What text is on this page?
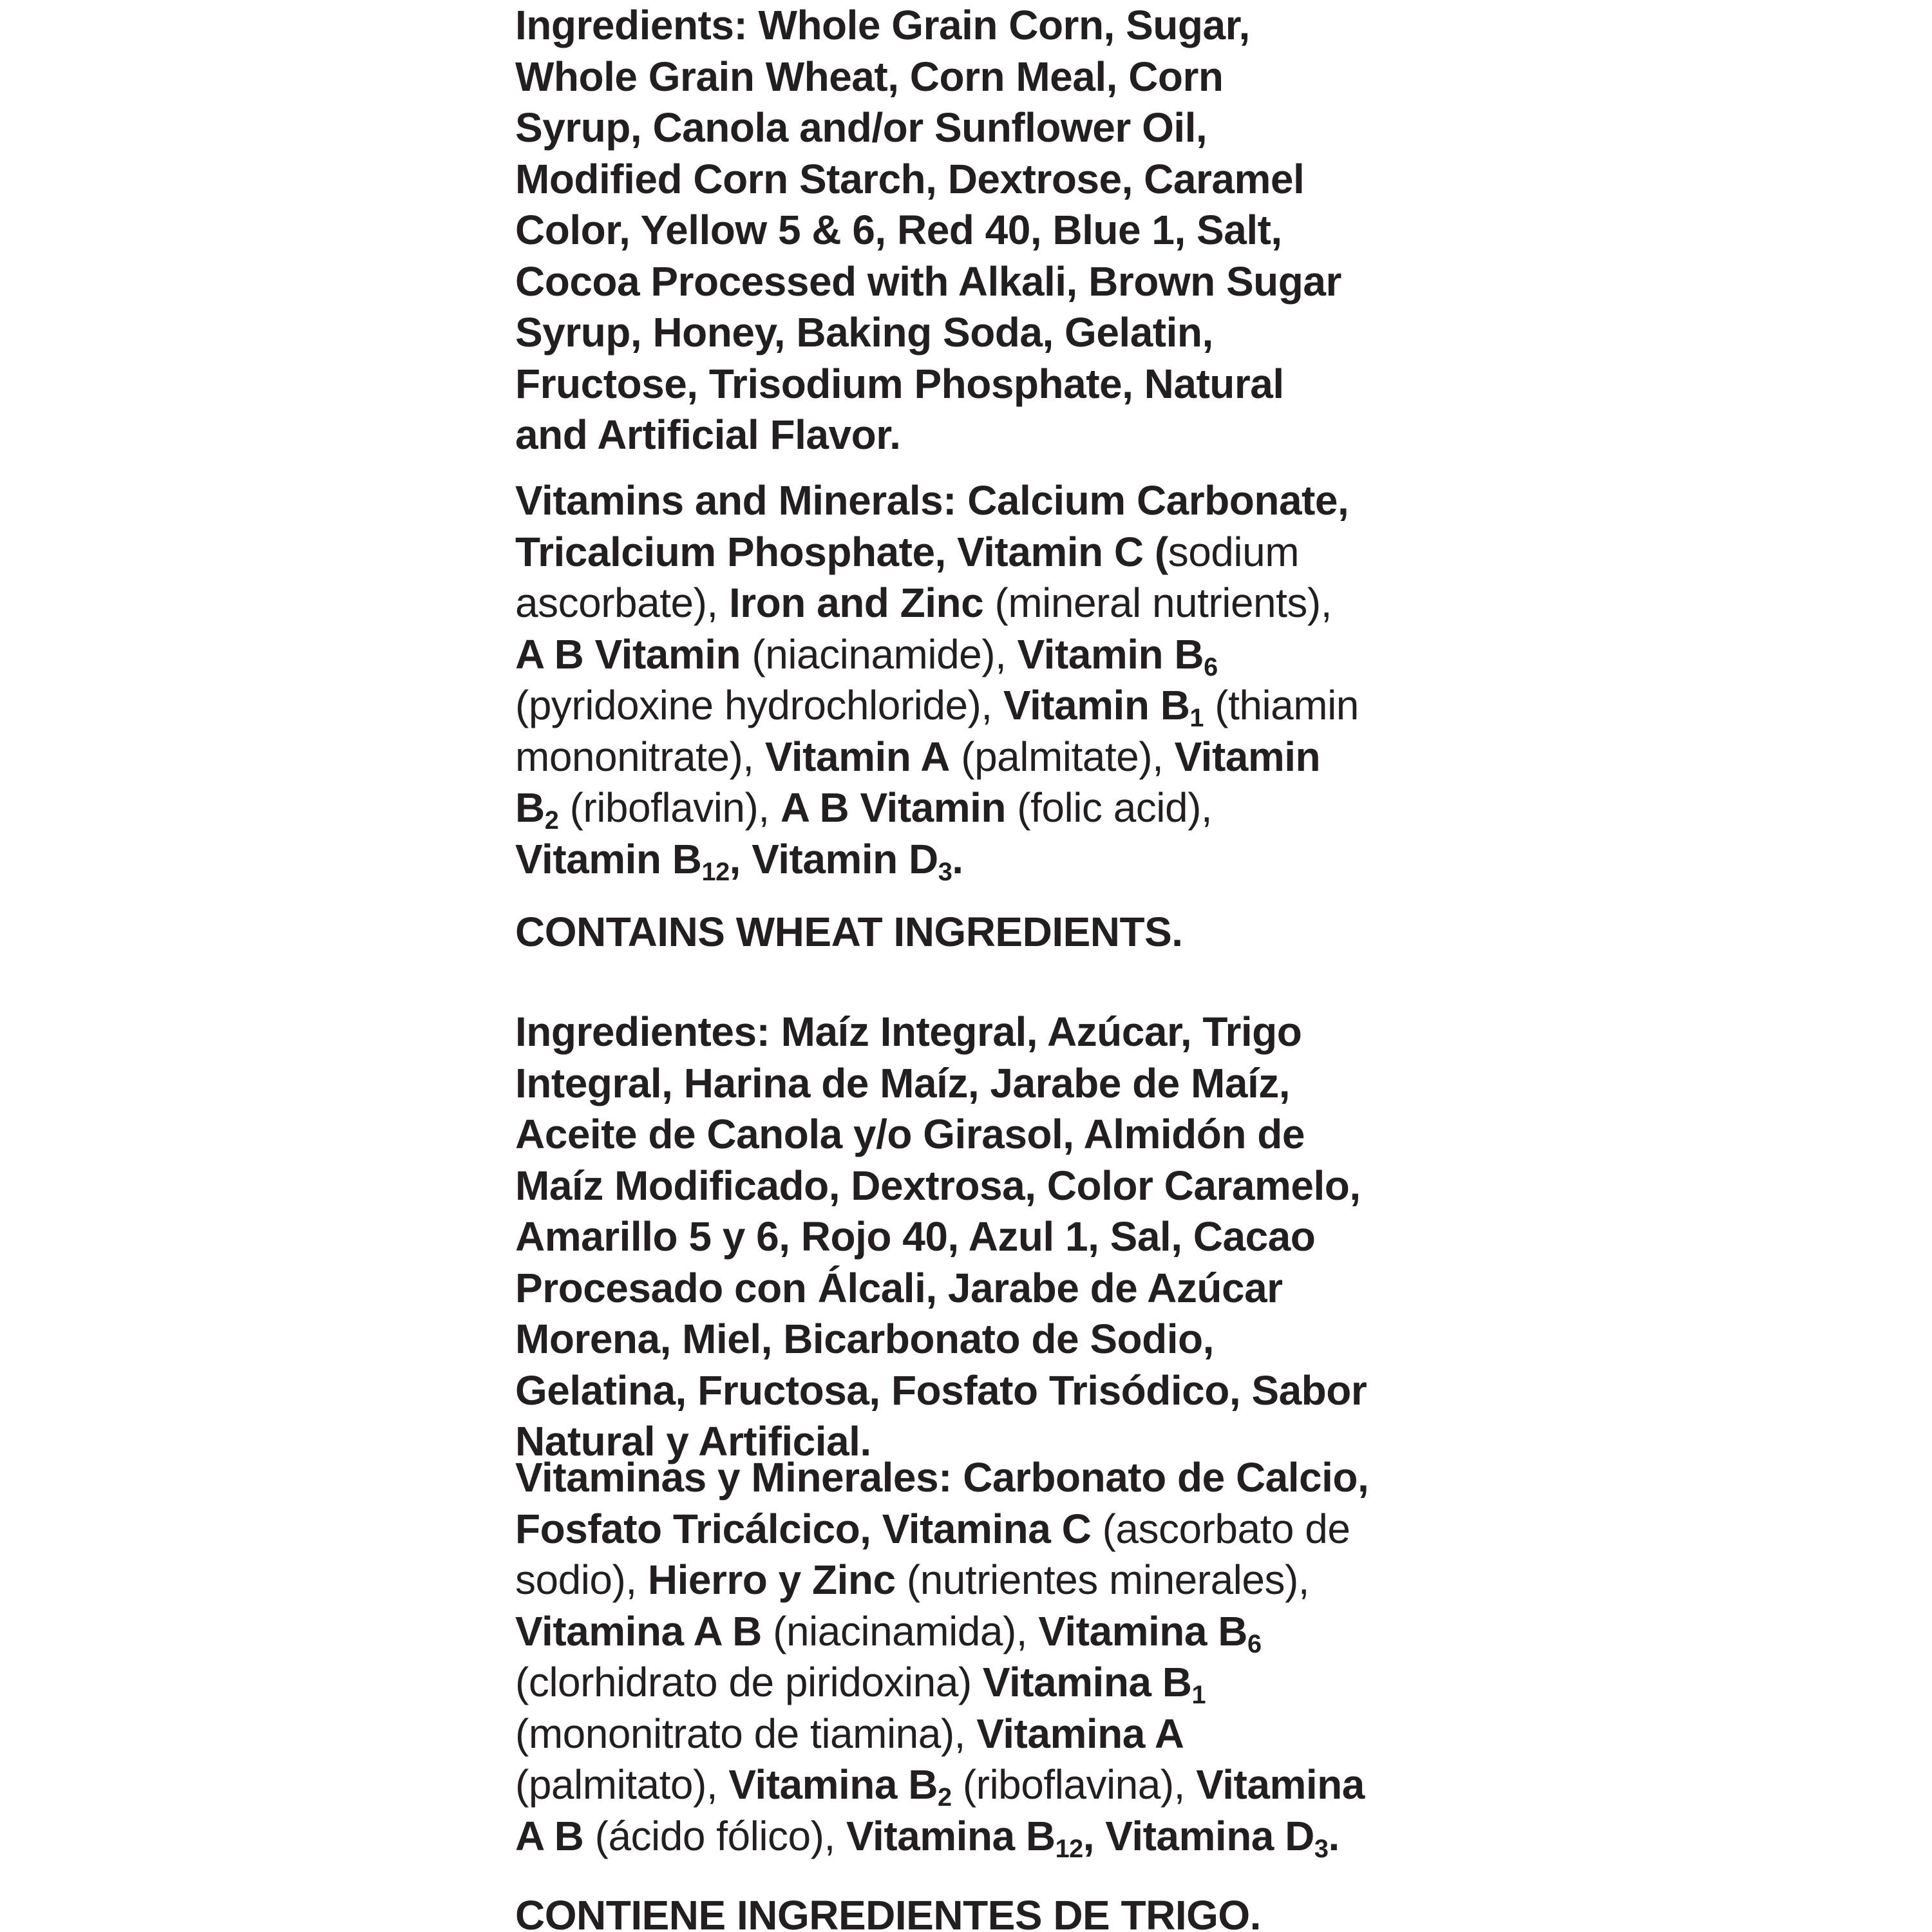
Ingredients: Whole Grain Corn, Sugar,
Whole Grain Wheat, Corn Meal, Corn
Syrup, Canola and/or Sunflower Oil,
Modified Corn Starch, Dextrose, Caramel
Color, Yellow 5 & 6, Red 40, Blue 1, Salt,
Cocoa Processed with Alkali, Brown Sugar
Syrup, Honey, Baking Soda, Gelatin,
Fructose, Trisodium Phosphate, Natural
and Artificial Flavor.
Vitamins and Minerals: Calcium Carbonate,
Tricalcium Phosphate, Vitamin C (sodium
ascorbate), Iron and Zinc (mineral nutrients),
A B Vitamin (niacinamide), Vitamin $B_6$
(pyridoxine hydrochloride), Vitamin $B_1$ (thiamin
mononitrate), Vitamin A (palmitate), Vitamin
$B_2$ (riboflavin), A B Vitamin (folic acid),
Vitamin $B_{12}$, Vitamin $D_3$.
CONTAINS WHEAT INGREDIENTS.
Ingredientes: Maíz Integral, Azúcar, Trigo
Integral, Harina de Maíz, Jarabe de Maíz,
Aceite de Canola y/o Girasol, Almidón de
Maíz Modificado, Dextrosa, Color Caramelo,
Amarillo 5 y 6, Rojo 40, Azul 1, Sal, Cacao
Procesado con Álcali, Jarabe de Azúcar
Morena, Miel, Bicarbonato de Sodio,
Gelatina, Fructosa, Fosfato Trisódico, Sabor
Natural y Artificial.
Vitaminas y Minerales: Carbonato de Calcio,
Fosfato Tricálcico, Vitamina C (ascorbato de
sodio), Hierro y Zinc (nutrientes minerales),
Vitamina A B (niacinamida), Vitamina $B_6$
(clorhidrato de piridoxina) Vitamina $B_1$
(mononitrato de tiamina), Vitamina A
(palmitato), Vitamina $B_2$ (riboflavina), Vitamina
A B (ácido fólico), Vitamina $B_{12}$, Vitamina $D_3$.
CONTIENE INGREDIENTES DE TRIGO.
